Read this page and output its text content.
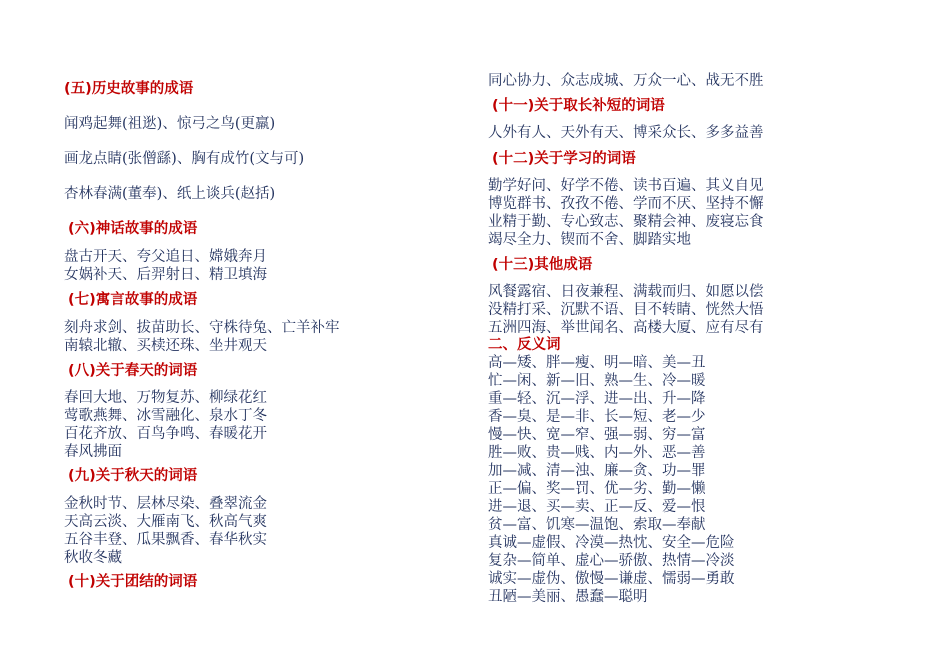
(五)历史故事的成语
闻鸡起舞(祖逖)、惊弓之鸟(更羸)
画龙点睛(张僧繇)、胸有成竹(文与可)
杏林春满(董奉)、纸上谈兵(赵括)
(六)神话故事的成语
盘古开天、夸父追日、嫦娥奔月
女娲补天、后羿射日、精卫填海
(七)寓言故事的成语
刻舟求剑、拔苗助长、守株待兔、亡羊补牢
南辕北辙、买椟还珠、坐井观天
(八)关于春天的词语
春回大地、万物复苏、柳绿花红
莺歌燕舞、冰雪融化、泉水丁冬
百花齐放、百鸟争鸣、春暖花开
春风拂面
(九)关于秋天的词语
金秋时节、层林尽染、叠翠流金
天高云淡、大雁南飞、秋高气爽
五谷丰登、瓜果飘香、春华秋实
秋收冬藏
(十)关于团结的词语
同心协力、众志成城、万众一心、战无不胜
(十一)关于取长补短的词语
人外有人、天外有天、博采众长、多多益善
(十二)关于学习的词语
勤学好问、好学不倦、读书百遍、其义自见
博览群书、孜孜不倦、学而不厌、坚持不懈
业精于勤、专心致志、聚精会神、废寝忘食
竭尽全力、锲而不舍、脚踏实地
(十三)其他成语
风餐露宿、日夜兼程、满载而归、如愿以偿
没精打采、沉默不语、目不转睛、恍然大悟
五洲四海、举世闻名、高楼大厦、应有尽有
二、反义词
高—矮、胖—瘦、明—暗、美—丑
忙—闲、新—旧、熟—生、冷—暖
重—轻、沉—浮、进—出、升—降
香—臭、是—非、长—短、老—少
慢—快、宽—窄、强—弱、穷—富
胜—败、贵—贱、内—外、恶—善
加—减、清—浊、廉—贪、功—罪
正—偏、奖—罚、优—劣、勤—懒
进—退、买—卖、正—反、爱—恨
贫—富、饥寒—温饱、索取—奉献
真诚—虚假、冷漠—热忱、安全—危险
复杂—简单、虚心—骄傲、热情—冷淡
诚实—虚伪、傲慢—谦虚、懦弱—勇敢
丑陋—美丽、愚蠢—聪明
